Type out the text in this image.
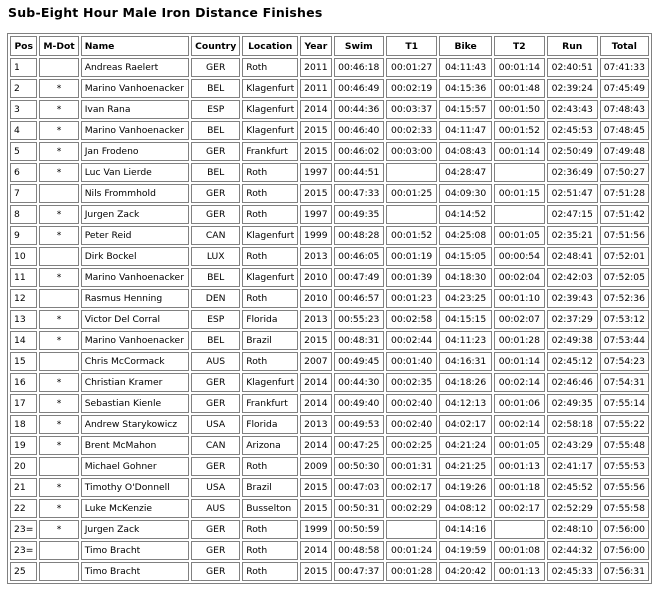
Sub-Eight Hour Male Iron Distance Finishes
Pos	M-Dot	Name	Country	Location	Year	Swim	T1	Bike	T2	Run	Total
1		Andreas Raelert	GER	Roth	2011	00:46:18	00:01:27	04:11:43	00:01:14	02:40:51	07:41:33
2	*	Marino Vanhoenacker	BEL	Klagenfurt	2011	00:46:49	00:02:19	04:15:36	00:01:48	02:39:24	07:45:49
3	*	Ivan Rana	ESP	Klagenfurt	2014	00:44:36	00:03:37	04:15:57	00:01:50	02:43:43	07:48:43
4	*	Marino Vanhoenacker	BEL	Klagenfurt	2015	00:46:40	00:02:33	04:11:47	00:01:52	02:45:53	07:48:45
5	*	Jan Frodeno	GER	Frankfurt	2015	00:46:02	00:03:00	04:08:43	00:01:14	02:50:49	07:49:48
6	*	Luc Van Lierde	BEL	Roth	1997	00:44:51		04:28:47		02:36:49	07:50:27
7		Nils Frommhold	GER	Roth	2015	00:47:33	00:01:25	04:09:30	00:01:15	02:51:47	07:51:28
8	*	Jurgen Zack	GER	Roth	1997	00:49:35		04:14:52		02:47:15	07:51:42
9	*	Peter Reid	CAN	Klagenfurt	1999	00:48:28	00:01:52	04:25:08	00:01:05	02:35:21	07:51:56
10		Dirk Bockel	LUX	Roth	2013	00:46:05	00:01:19	04:15:05	00:00:54	02:48:41	07:52:01
11	*	Marino Vanhoenacker	BEL	Klagenfurt	2010	00:47:49	00:01:39	04:18:30	00:02:04	02:42:03	07:52:05
12		Rasmus Henning	DEN	Roth	2010	00:46:57	00:01:23	04:23:25	00:01:10	02:39:43	07:52:36
13	*	Victor Del Corral	ESP	Florida	2013	00:55:23	00:02:58	04:15:15	00:02:07	02:37:29	07:53:12
14	*	Marino Vanhoenacker	BEL	Brazil	2015	00:48:31	00:02:44	04:11:23	00:01:28	02:49:38	07:53:44
15		Chris McCormack	AUS	Roth	2007	00:49:45	00:01:40	04:16:31	00:01:14	02:45:12	07:54:23
16	*	Christian Kramer	GER	Klagenfurt	2014	00:44:30	00:02:35	04:18:26	00:02:14	02:46:46	07:54:31
17	*	Sebastian Kienle	GER	Frankfurt	2014	00:49:40	00:02:40	04:12:13	00:01:06	02:49:35	07:55:14
18	*	Andrew Starykowicz	USA	Florida	2013	00:49:53	00:02:40	04:02:17	00:02:14	02:58:18	07:55:22
19	*	Brent McMahon	CAN	Arizona	2014	00:47:25	00:02:25	04:21:24	00:01:05	02:43:29	07:55:48
20		Michael Gohner	GER	Roth	2009	00:50:30	00:01:31	04:21:25	00:01:13	02:41:17	07:55:53
21	*	Timothy O'Donnell	USA	Brazil	2015	00:47:03	00:02:17	04:19:26	00:01:18	02:45:52	07:55:56
22	*	Luke McKenzie	AUS	Busselton	2015	00:50:31	00:02:29	04:08:12	00:02:17	02:52:29	07:55:58
23=	*	Jurgen Zack	GER	Roth	1999	00:50:59		04:14:16		02:48:10	07:56:00
23=		Timo Bracht	GER	Roth	2014	00:48:58	00:01:24	04:19:59	00:01:08	02:44:32	07:56:00
25		Timo Bracht	GER	Roth	2015	00:47:37	00:01:28	04:20:42	00:01:13	02:45:33	07:56:31
